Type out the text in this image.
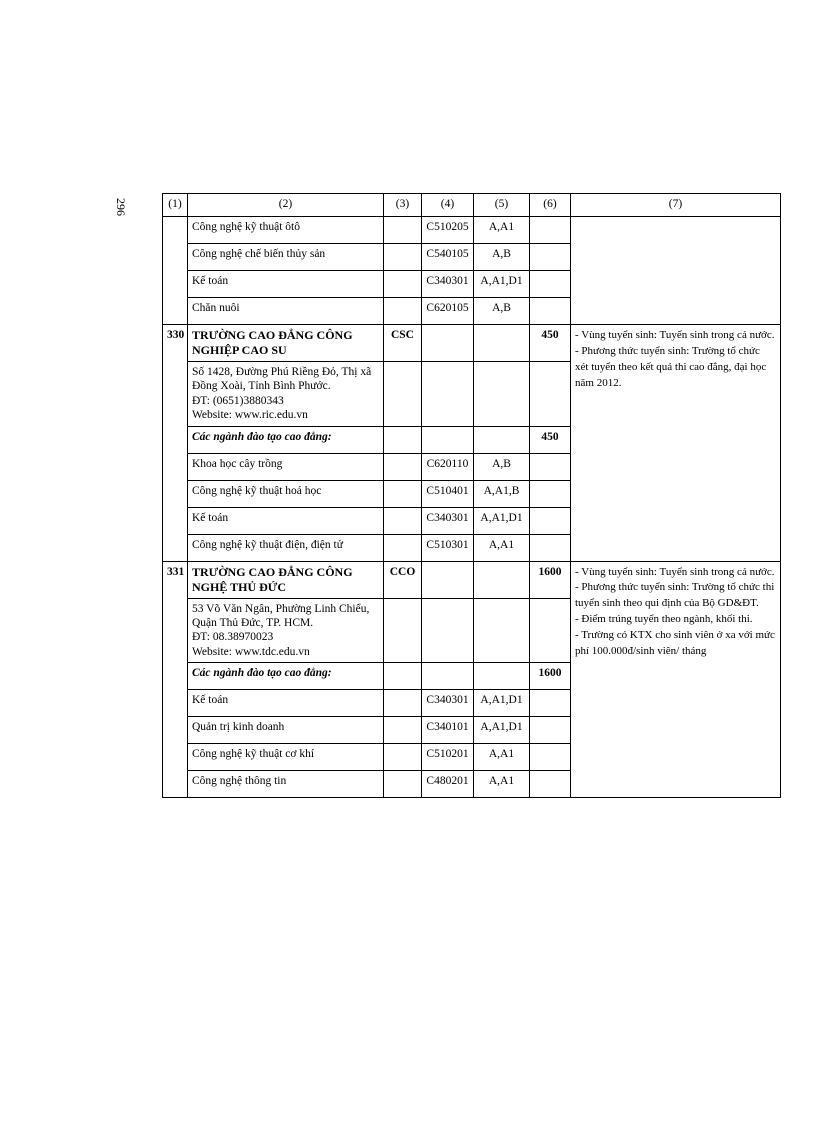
296	(1)	(2)	(3)	(4)	(5)	(6)	(7)
	Công nghệ kỹ thuật ôtô		C510205	A,A1		
	Công nghệ chế biến thủy sản		C540105	A,B		
	Kế toán		C340301	A,A1,D1		
	Chăn nuôi		C620105	A,B		
330	TRƯỜNG CAO ĐẲNG CÔNG NGHIỆP CAO SU	CSC			450	- Vùng tuyển sinh: Tuyển sinh trong cả nước.
- Phương thức tuyển sinh: Trường tổ chức xét tuyển theo kết quả thi cao đẳng, đại học năm 2012.

	Số 1428, Đường Phú Riềng Đỏ, Thị xã Đồng Xoài, Tỉnh Bình Phước.
ĐT: (0651)3880343
Website: www.ric.edu.vn					

	Các ngành đào tạo cao đẳng:				450	
	Khoa học cây trồng		C620110	A,B		
	Công nghệ kỹ thuật hoá học		C510401	A,A1,B		
	Kế toán		C340301	A,A1,D1		
	Công nghệ kỹ thuật điện, điện tử		C510301	A,A1		
331	TRƯỜNG CAO ĐẲNG CÔNG NGHỆ THỦ ĐỨC	CCO			1600	- Vùng tuyển sinh: Tuyển sinh trong cả nước.
- Phương thức tuyển sinh: Trường tổ chức thi tuyển sinh theo qui định của Bộ GD&ĐT.
- Điểm trúng tuyển theo ngành, khối thi.
- Trường có KTX cho sinh viên ở xa với mức phí 100.000đ/sinh viên/ tháng

	53 Võ Văn Ngân, Phường Linh Chiểu, Quận Thủ Đức, TP. HCM.
ĐT: 08.38970023
Website: www.tdc.edu.vn					

	Các ngành đào tạo cao đẳng:				1600	
	Kế toán		C340301	A,A1,D1		
	Quản trị kinh doanh		C340101	A,A1,D1		
	Công nghệ kỹ thuật cơ khí		C510201	A,A1		
	Công nghệ thông tin		C480201	A,A1		
